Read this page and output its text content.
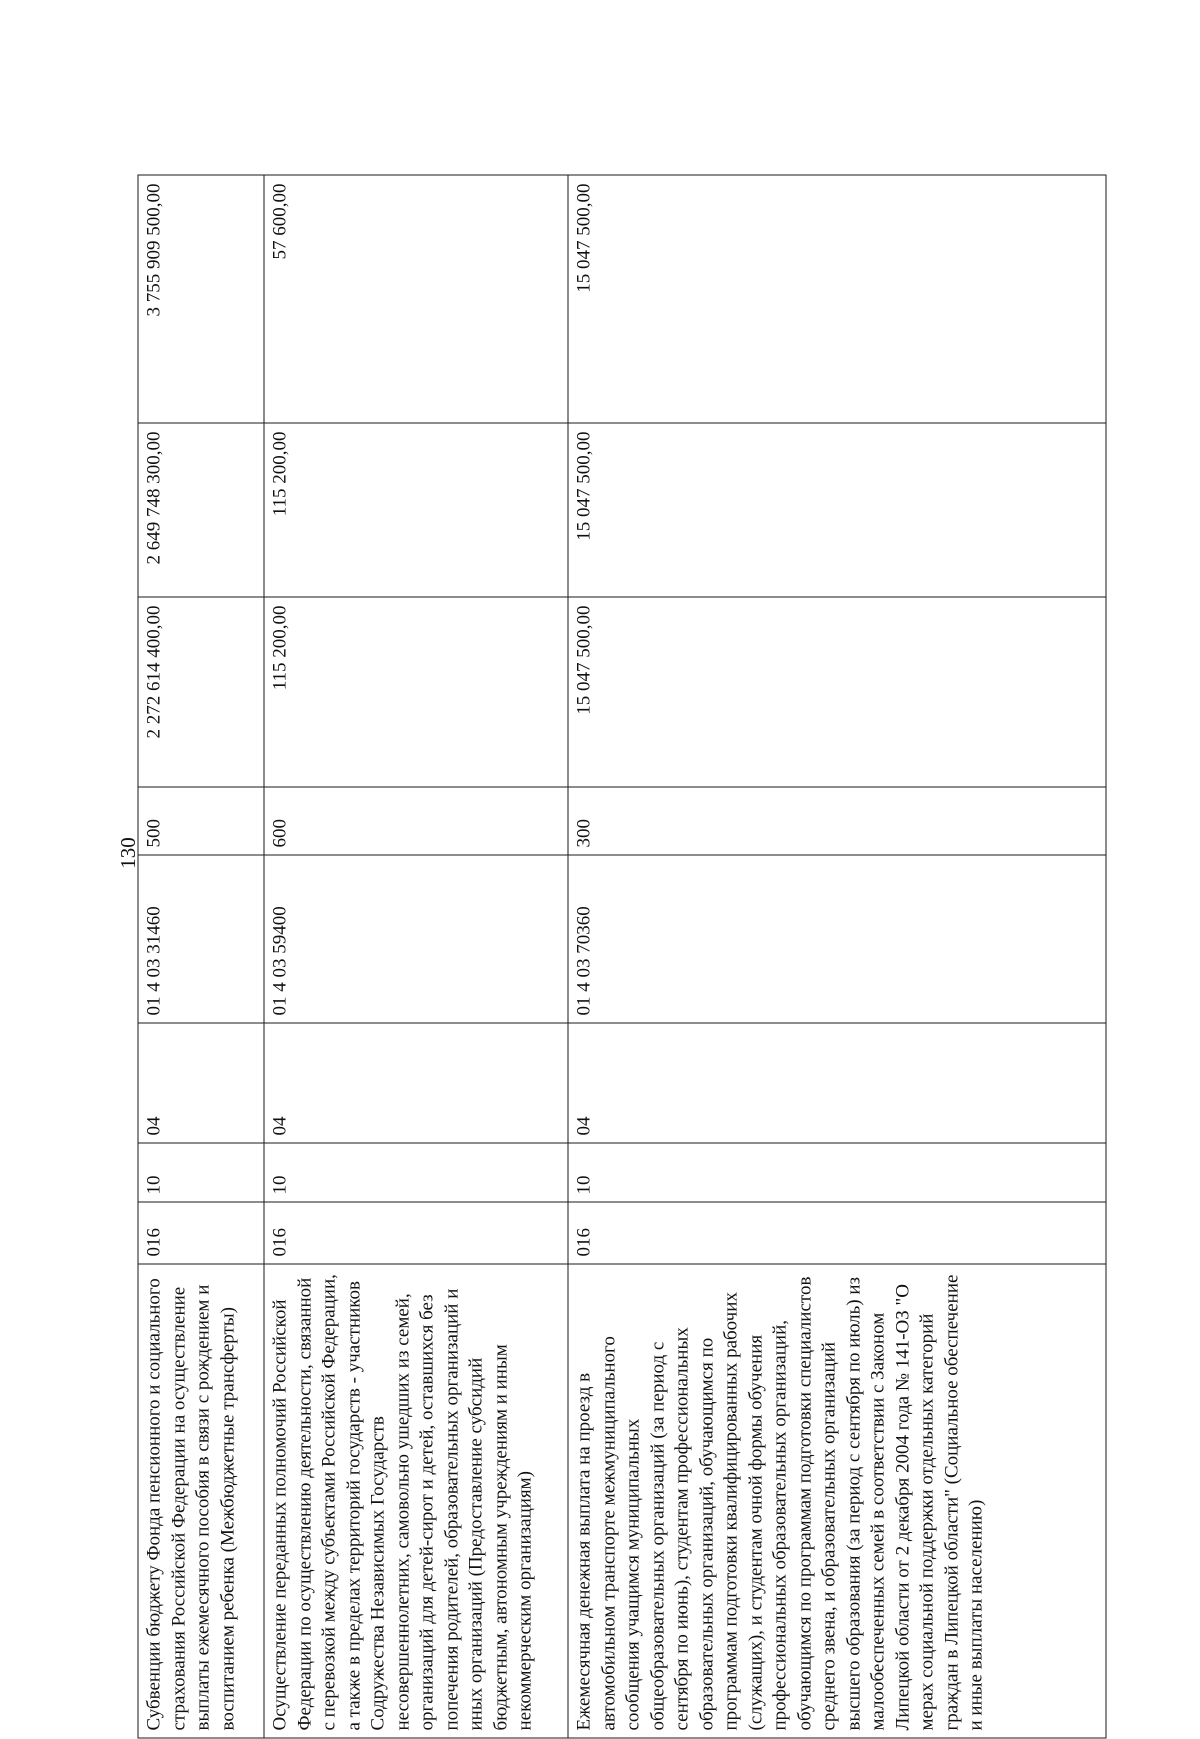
130
Субвенции бюджету Фонда пенсионного и социального страхования Российской Федерации на осуществление выплаты ежемесячного пособия в связи с рождением и воспитанием ребенка (Межбюджетные трансферты)	016	10	04	01 4 03 31460	500	2 272 614 400,00	2 649 748 300,00	3 755 909 500,00
Осуществление переданных полномочий Российской Федерации по осуществлению деятельности, связанной с перевозкой между субъектами Российской Федерации, а также в пределах территорий государств - участников Содружества Независимых Государств несовершеннолетних, самовольно ушедших из семей, организаций для детей-сирот и детей, оставшихся без попечения родителей, образовательных организаций и иных организаций (Предоставление субсидий бюджетным, автономным учреждениям и иным некоммерческим организациям)	016	10	04	01 4 03 59400	600	115 200,00	115 200,00	57 600,00
Ежемесячная денежная выплата на проезд в автомобильном транспорте межмуниципального сообщения учащимся муниципальных общеобразовательных организаций (за период с сентября по июнь), студентам профессиональных образовательных организаций, обучающимся по программам подготовки квалифицированных рабочих (служащих), и студентам очной формы обучения профессиональных образовательных организаций, обучающимся по программам подготовки специалистов среднего звена, и образовательных организаций высшего образования (за период с сентября по июль) из малообеспеченных семей в соответствии с Законом Липецкой области от 2 декабря 2004 года № 141-ОЗ "О мерах социальной поддержки отдельных категорий граждан в Липецкой области" (Социальное обеспечение и иные выплаты населению)	016	10	04	01 4 03 70360	300	15 047 500,00	15 047 500,00	15 047 500,00
